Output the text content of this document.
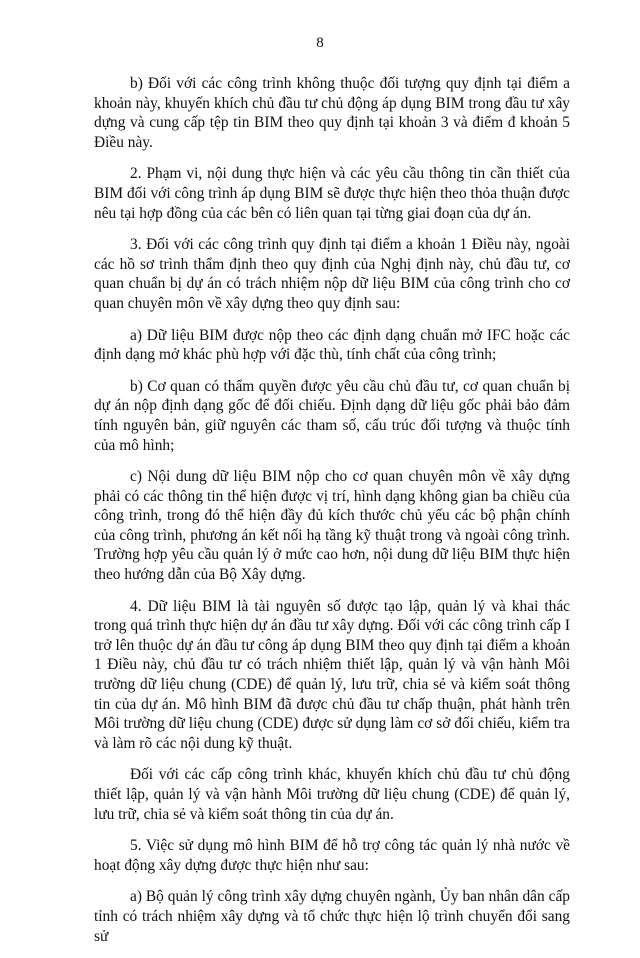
8

b) Đối với các công trình không thuộc đối tượng quy định tại điểm a khoản này, khuyến khích chủ đầu tư chủ động áp dụng BIM trong đầu tư xây dựng và cung cấp tệp tin BIM theo quy định tại khoản 3 và điểm đ khoản 5 Điều này.

2. Phạm vi, nội dung thực hiện và các yêu cầu thông tin cần thiết của BIM đối với công trình áp dụng BIM sẽ được thực hiện theo thỏa thuận được nêu tại hợp đồng của các bên có liên quan tại từng giai đoạn của dự án.

3. Đối với các công trình quy định tại điểm a khoản 1 Điều này, ngoài các hồ sơ trình thẩm định theo quy định của Nghị định này, chủ đầu tư, cơ quan chuẩn bị dự án có trách nhiệm nộp dữ liệu BIM của công trình cho cơ quan chuyên môn về xây dựng theo quy định sau:

a) Dữ liệu BIM được nộp theo các định dạng chuẩn mở IFC hoặc các định dạng mở khác phù hợp với đặc thù, tính chất của công trình;

b) Cơ quan có thẩm quyền được yêu cầu chủ đầu tư, cơ quan chuẩn bị dự án nộp định dạng gốc để đối chiếu. Định dạng dữ liệu gốc phải bảo đảm tính nguyên bản, giữ nguyên các tham số, cấu trúc đối tượng và thuộc tính của mô hình;

c) Nội dung dữ liệu BIM nộp cho cơ quan chuyên môn về xây dựng phải có các thông tin thể hiện được vị trí, hình dạng không gian ba chiều của công trình, trong đó thể hiện đầy đủ kích thước chủ yếu các bộ phận chính của công trình, phương án kết nối hạ tầng kỹ thuật trong và ngoài công trình. Trường hợp yêu cầu quản lý ở mức cao hơn, nội dung dữ liệu BIM thực hiện theo hướng dẫn của Bộ Xây dựng.

4. Dữ liệu BIM là tài nguyên số được tạo lập, quản lý và khai thác trong quá trình thực hiện dự án đầu tư xây dựng. Đối với các công trình cấp I trở lên thuộc dự án đầu tư công áp dụng BIM theo quy định tại điểm a khoản 1 Điều này, chủ đầu tư có trách nhiệm thiết lập, quản lý và vận hành Môi trường dữ liệu chung (CDE) để quản lý, lưu trữ, chia sẻ và kiểm soát thông tin của dự án. Mô hình BIM đã được chủ đầu tư chấp thuận, phát hành trên Môi trường dữ liệu chung (CDE) được sử dụng làm cơ sở đối chiếu, kiểm tra và làm rõ các nội dung kỹ thuật.

Đối với các cấp công trình khác, khuyến khích chủ đầu tư chủ động thiết lập, quản lý và vận hành Môi trường dữ liệu chung (CDE) để quản lý, lưu trữ, chia sẻ và kiểm soát thông tin của dự án.

5. Việc sử dụng mô hình BIM để hỗ trợ công tác quản lý nhà nước về hoạt động xây dựng được thực hiện như sau:

a) Bộ quản lý công trình xây dựng chuyên ngành, Ủy ban nhân dân cấp tỉnh có trách nhiệm xây dựng và tổ chức thực hiện lộ trình chuyển đổi sang sử
